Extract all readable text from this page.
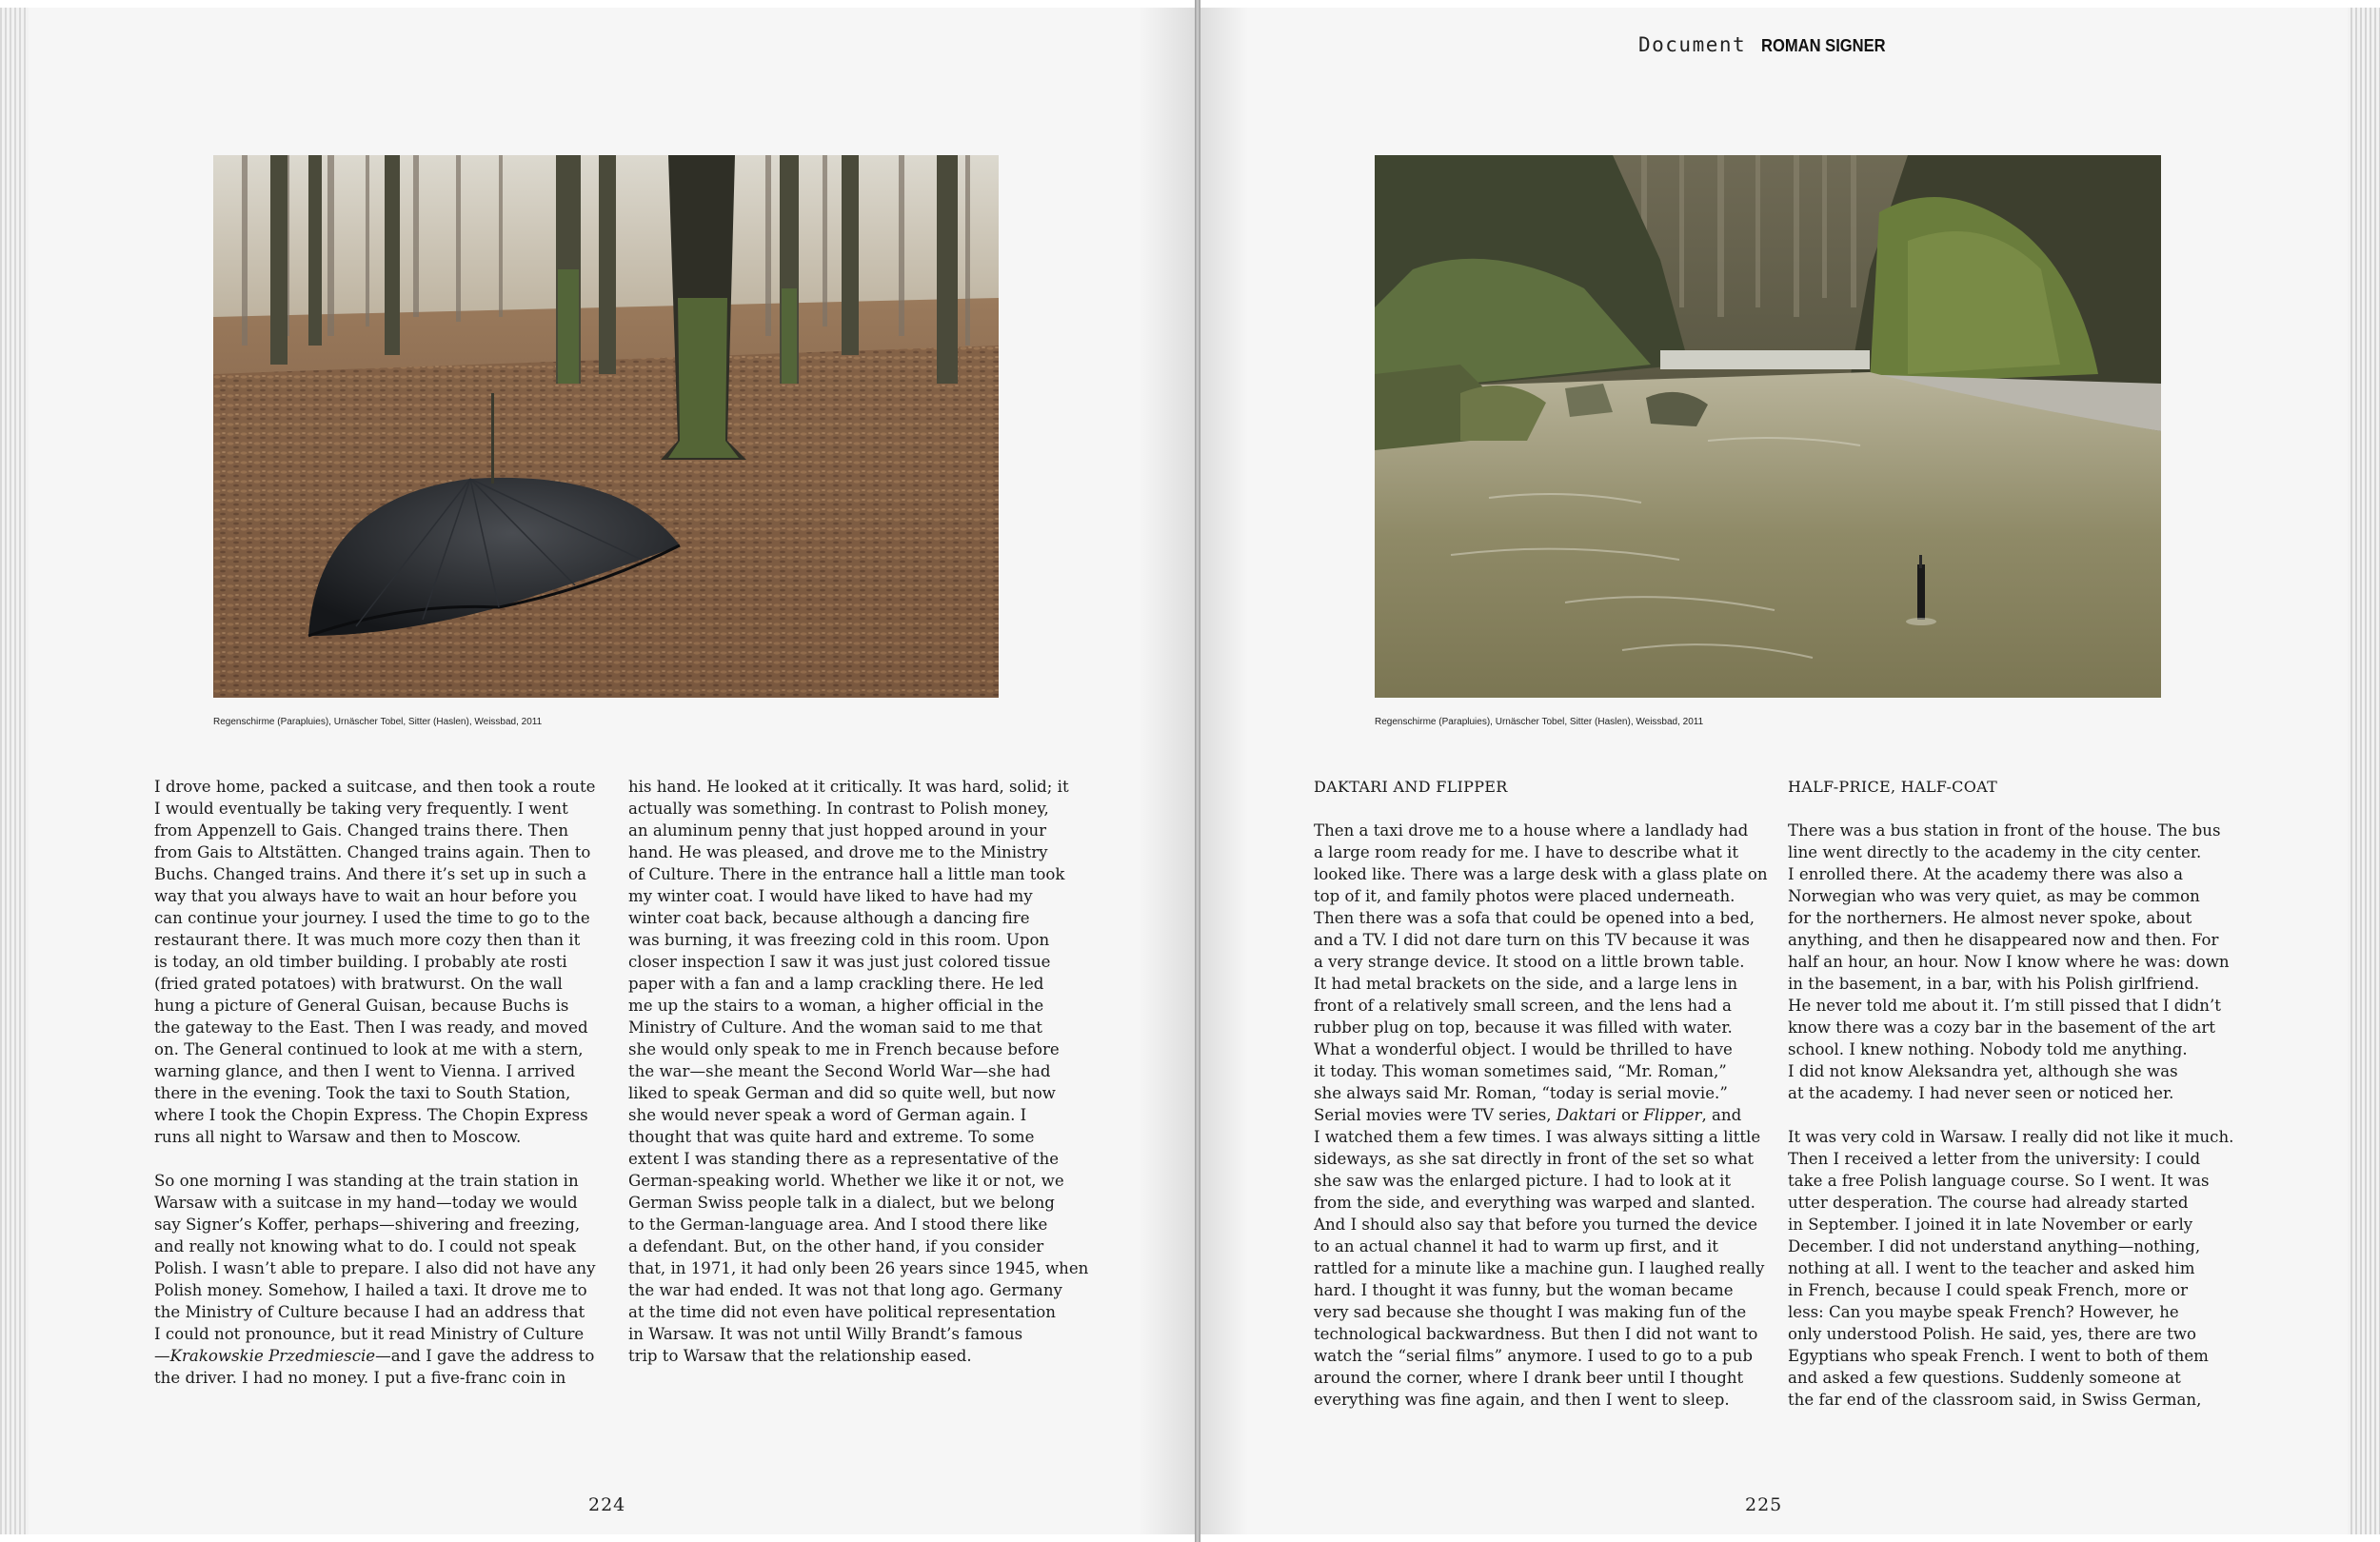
Regenschirme (Parapluies), Urnäscher Tobel, Sitter (Haslen), Weissbad, 2011

I drove home, packed a suitcase, and then took a route
I would eventually be taking very frequently. I went
from Appenzell to Gais. Changed trains there. Then
from Gais to Altstätten. Changed trains again. Then to
Buchs. Changed trains. And there it’s set up in such a
way that you always have to wait an hour before you
can continue your journey. I used the time to go to the
restaurant there. It was much more cozy then than it
is today, an old timber building. I probably ate rosti
(fried grated potatoes) with bratwurst. On the wall
hung a picture of General Guisan, because Buchs is
the gateway to the East. Then I was ready, and moved
on. The General continued to look at me with a stern,
warning glance, and then I went to Vienna. I arrived
there in the evening. Took the taxi to South Station,
where I took the Chopin Express. The Chopin Express
runs all night to Warsaw and then to Moscow.

So one morning I was standing at the train station in
Warsaw with a suitcase in my hand—today we would
say Signer’s Koffer, perhaps—shivering and freezing,
and really not knowing what to do. I could not speak
Polish. I wasn’t able to prepare. I also did not have any
Polish money. Somehow, I hailed a taxi. It drove me to
the Ministry of Culture because I had an address that
I could not pronounce, but it read Ministry of Culture
—Krakowskie Przedmiescie—and I gave the address to
the driver. I had no money. I put a five-franc coin in

his hand. He looked at it critically. It was hard, solid; it
actually was something. In contrast to Polish money,
an aluminum penny that just hopped around in your
hand. He was pleased, and drove me to the Ministry
of Culture. There in the entrance hall a little man took
my winter coat. I would have liked to have had my
winter coat back, because although a dancing fire
was burning, it was freezing cold in this room. Upon
closer inspection I saw it was just just colored tissue
paper with a fan and a lamp crackling there. He led
me up the stairs to a woman, a higher official in the
Ministry of Culture. And the woman said to me that
she would only speak to me in French because before
the war—she meant the Second World War—she had
liked to speak German and did so quite well, but now
she would never speak a word of German again. I
thought that was quite hard and extreme. To some
extent I was standing there as a representative of the
German-speaking world. Whether we like it or not, we
German Swiss people talk in a dialect, but we belong
to the German-language area. And I stood there like
a defendant. But, on the other hand, if you consider
that, in 1971, it had only been 26 years since 1945, when
the war had ended. It was not that long ago. Germany
at the time did not even have political representation
in Warsaw. It was not until Willy Brandt’s famous
trip to Warsaw that the relationship eased.

224
Document ROMAN SIGNER
Regenschirme (Parapluies), Urnäscher Tobel, Sitter (Haslen), Weissbad, 2011
DAKTARI AND FLIPPER

Then a taxi drove me to a house where a landlady had
a large room ready for me. I have to describe what it
looked like. There was a large desk with a glass plate on
top of it, and family photos were placed underneath.
Then there was a sofa that could be opened into a bed,
and a TV. I did not dare turn on this TV because it was
a very strange device. It stood on a little brown table.
It had metal brackets on the side, and a large lens in
front of a relatively small screen, and the lens had a
rubber plug on top, because it was filled with water.
What a wonderful object. I would be thrilled to have
it today. This woman sometimes said, “Mr. Roman,”
she always said Mr. Roman, “today is serial movie.”
Serial movies were TV series, Daktari or Flipper, and
I watched them a few times. I was always sitting a little
sideways, as she sat directly in front of the set so what
she saw was the enlarged picture. I had to look at it
from the side, and everything was warped and slanted.
And I should also say that before you turned the device
to an actual channel it had to warm up first, and it
rattled for a minute like a machine gun. I laughed really
hard. I thought it was funny, but the woman became
very sad because she thought I was making fun of the
technological backwardness. But then I did not want to
watch the “serial films” anymore. I used to go to a pub
around the corner, where I drank beer until I thought
everything was fine again, and then I went to sleep.

HALF-PRICE, HALF-COAT

There was a bus station in front of the house. The bus
line went directly to the academy in the city center.
I enrolled there. At the academy there was also a
Norwegian who was very quiet, as may be common
for the northerners. He almost never spoke, about
anything, and then he disappeared now and then. For
half an hour, an hour. Now I know where he was: down
in the basement, in a bar, with his Polish girlfriend.
He never told me about it. I’m still pissed that I didn’t
know there was a cozy bar in the basement of the art
school. I knew nothing. Nobody told me anything.
I did not know Aleksandra yet, although she was
at the academy. I had never seen or noticed her.

It was very cold in Warsaw. I really did not like it much.
Then I received a letter from the university: I could
take a free Polish language course. So I went. It was
utter desperation. The course had already started
in September. I joined it in late November or early
December. I did not understand anything—nothing,
nothing at all. I went to the teacher and asked him
in French, because I could speak French, more or
less: Can you maybe speak French? However, he
only understood Polish. He said, yes, there are two
Egyptians who speak French. I went to both of them
and asked a few questions. Suddenly someone at
the far end of the classroom said, in Swiss German,

225
